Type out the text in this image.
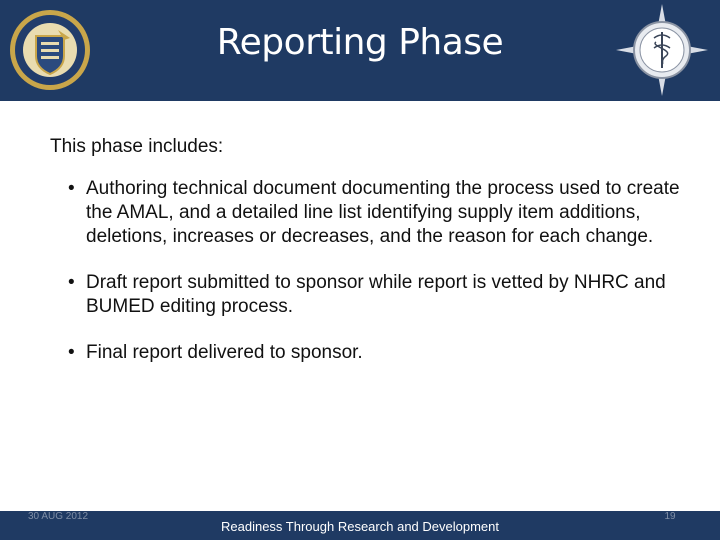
Reporting Phase
This phase includes:
• Authoring technical document documenting the process used to create the AMAL, and a detailed line list identifying supply item additions, deletions, increases or decreases, and the reason for each change.
• Draft report submitted to sponsor while report is vetted by NHRC and BUMED editing process.
• Final report delivered to sponsor.
30 AUG 2012
Readiness Through Research and Development
19
